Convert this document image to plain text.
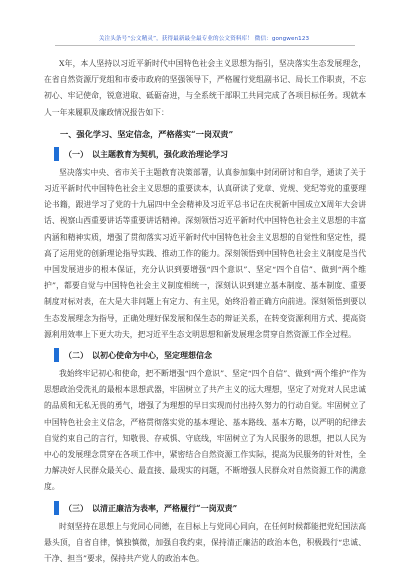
关注头条号“公文精灵”，获得最新最全最专业的公文资料库！ 微信：gongwen123

X年，本人坚持以习近平新时代中国特色社会主义思想为指引，坚决落实生态发展理念，在省自然资源厅党组和市委市政府的坚强领导下，严格履行党组副书记、局长工作职责，不忘初心、牢记使命，锐意进取、砥砺奋进，与全系统干部职工共同完成了各项目标任务。现就本人一年来履职及廉政情况报告如下：

一、强化学习、坚定信念，严格落实“一岗双责”
（一） 以主题教育为契机，强化政治理论学习

坚决落实中央、省市关于主题教育决策部署，认真参加集中封闭研讨和自学，通读了关于习近平新时代中国特色社会主义思想的重要读本，认真研读了党章、党规、党纪等党的重要理论书籍，跟进学习了党的十九届四中全会精神及习近平总书记在庆祝新中国成立X周年大会讲话、视察山西重要讲话等重要讲话精神。深刻领悟习近平新时代中国特色社会主义思想的丰富内涵和精神实质，增强了贯彻落实习近平新时代中国特色社会主义思想的自觉性和坚定性，提高了运用党的创新理论指导实践、推动工作的能力。深刻领悟到中国特色社会主义制度是当代中国发展进步的根本保证，充分认识到要增强“四个意识”、坚定“四个自信”、做到“两个维护”，都要自觉与中国特色社会主义制度相统一，深刻认识到建立基本制度、基本制度、重要制度对标对表，在大是大非问题上有定力、有主见，始终沿着正确方向前进。深刻领悟到要以生态发展理念为指导，正确处理好保发展和保生态的辩证关系，在转变资源利用方式、提高资源利用效率上下更大功夫，把习近平生态文明思想和新发展理念贯穿自然资源工作全过程。

（二） 以初心使命为中心，坚定理想信念

我始终牢记初心和使命，把不断增强“四个意识”、坚定“四个自信”、做到“两个维护”作为思想政治受洗礼的最根本思想武器，牢固树立了共产主义的远大理想，坚定了对党对人民忠诚的品质和无私无畏的勇气，增强了为理想的早日实现而付出持久努力的行动自觉。牢固树立了中国特色社会主义信念，严格贯彻落实党的基本理论、基本路线、基本方略，以严明的纪律去自觉约束自己的言行，知敬畏、存戒惧、守底线，牢固树立了为人民服务的思想，把以人民为中心的发展理念贯穿在各项工作中，紧密结合自然资源工作实际，提高为民服务的针对性，全力解决好人民群众最关心、最直接、最现实的问题，不断增强人民群众对自然资源工作的满意度。

（三） 以清正廉洁为表率，严格履行“一岗双责”

时刻坚持在思想上与党同心同德，在目标上与党同心同向，在任何时候都能把党纪国法高悬头顶，自省自律，慎独慎微，加强自我约束，保持清正廉洁的政治本色，积极践行“忠诚、干净、担当”要求，保持共产党人的政治本色。
